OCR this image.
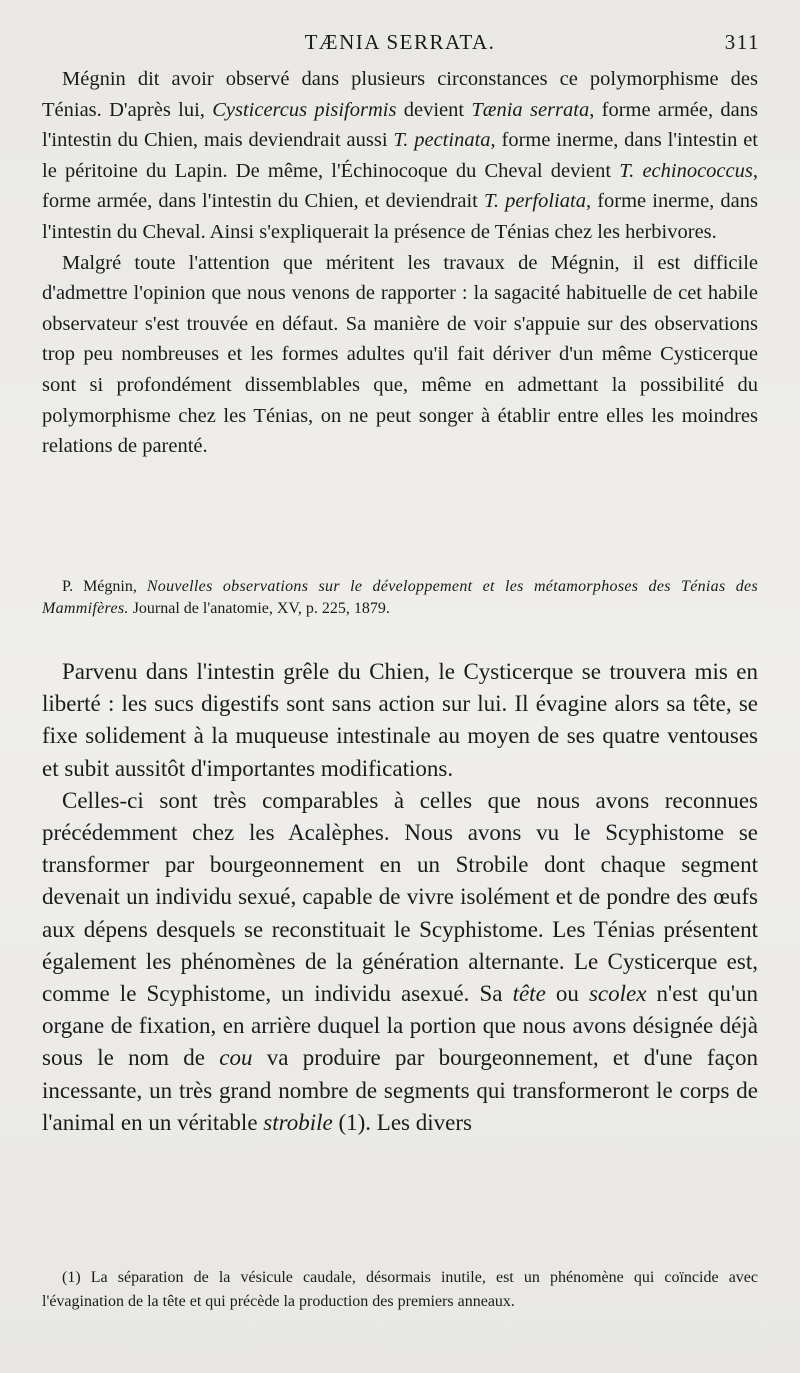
TÆNIA SERRATA.	311

Mégnin dit avoir observé dans plusieurs circonstances ce polymorphisme des Ténias. D'après lui, Cysticercus pisiformis devient Tænia serrata, forme armée, dans l'intestin du Chien, mais deviendrait aussi T. pectinata, forme inerme, dans l'intestin et le péritoine du Lapin. De même, l'Échinocoque du Cheval devient T. echinococcus, forme armée, dans l'intestin du Chien, et deviendrait T. perfoliata, forme inerme, dans l'intestin du Cheval. Ainsi s'expliquerait la présence de Ténias chez les herbivores.

Malgré toute l'attention que méritent les travaux de Mégnin, il est difficile d'admettre l'opinion que nous venons de rapporter : la sagacité habituelle de cet habile observateur s'est trouvée en défaut. Sa manière de voir s'appuie sur des observations trop peu nombreuses et les formes adultes qu'il fait dériver d'un même Cysticerque sont si profondément dissemblables que, même en admettant la possibilité du polymorphisme chez les Ténias, on ne peut songer à établir entre elles les moindres relations de parenté.

P. Mégnin, Nouvelles observations sur le développement et les métamorphoses des Ténias des Mammifères. Journal de l'anatomie, XV, p. 225, 1879.

Parvenu dans l'intestin grêle du Chien, le Cysticerque se trouvera mis en liberté : les sucs digestifs sont sans action sur lui. Il évagine alors sa tête, se fixe solidement à la muqueuse intestinale au moyen de ses quatre ventouses et subit aussitôt d'importantes modifications.

Celles-ci sont très comparables à celles que nous avons reconnues précédemment chez les Acalèphes. Nous avons vu le Scyphistome se transformer par bourgeonnement en un Strobile dont chaque segment devenait un individu sexué, capable de vivre isolément et de pondre des œufs aux dépens desquels se reconstituait le Scyphistome. Les Ténias présentent également les phénomènes de la génération alternante. Le Cysticerque est, comme le Scyphistome, un individu asexué. Sa tête ou scolex n'est qu'un organe de fixation, en arrière duquel la portion que nous avons désignée déjà sous le nom de cou va produire par bourgeonnement, et d'une façon incessante, un très grand nombre de segments qui transformeront le corps de l'animal en un véritable strobile (1). Les divers

(1) La séparation de la vésicule caudale, désormais inutile, est un phénomène qui coïncide avec l'évagination de la tête et qui précède la production des premiers anneaux.
